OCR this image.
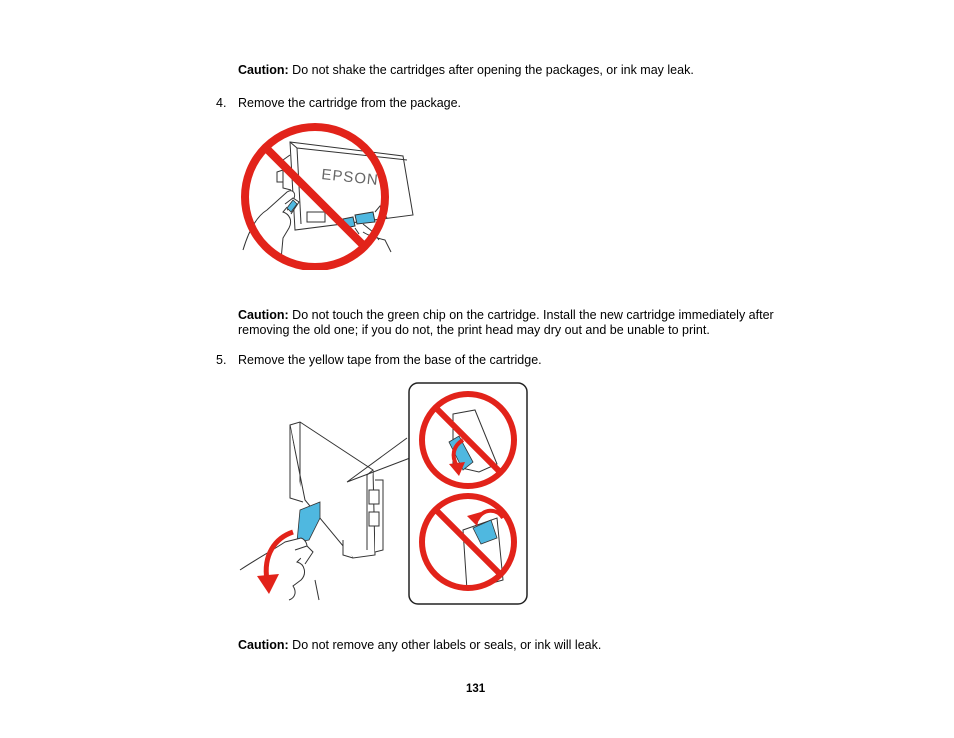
Caution: Do not shake the cartridges after opening the packages, or ink may leak.
4. Remove the cartridge from the package.
EPSON
Caution: Do not touch the green chip on the cartridge. Install the new cartridge immediately after
removing the old one; if you do not, the print head may dry out and be unable to print.
5. Remove the yellow tape from the base of the cartridge.
Caution: Do not remove any other labels or seals, or ink will leak.
131
